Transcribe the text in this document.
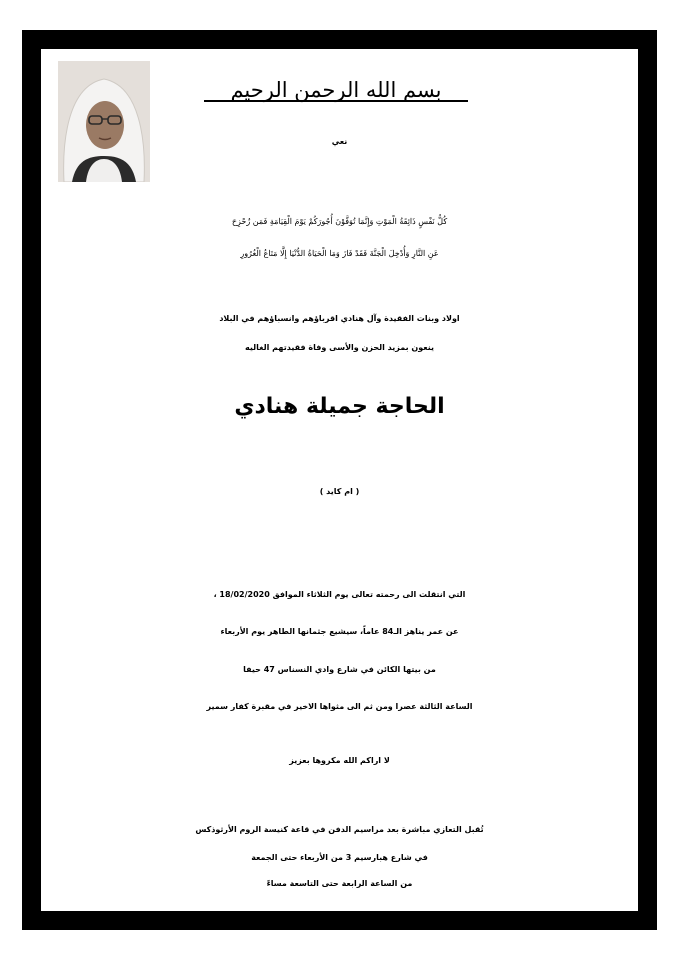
بسم الله الرحمن الرحيم
نعي
كُلُّ نَفْسٍ ذَائِقَةُ الْمَوْتِ وَإِنَّمَا تُوَفَّوْنَ أُجُورَكُمْ يَوْمَ الْقِيَامَةِ فَمَن زُحْزِحَ
عَنِ النَّارِ وَأُدْخِلَ الْجَنَّةَ فَقَدْ فَازَ وَمَا الْحَيَاةُ الدُّنْيَا إِلَّا مَتَاعُ الْغُرُورِ
اولاد وبنات الفقيدة وآل هنادي اقرباؤهم وانسباؤهم في البلاد
ينعون بمزيد الحزن والأسى وفاة فقيدتهم الغاليه
الحاجة جميلة هنادي
( ام كايد )
التي انتقلت الى رحمته تعالى يوم الثلاثاء الموافق 18/02/2020 ،
عن عمر يناهز الـ84 عاماً، سيشيع جثمانها الطاهر يوم الأربعاء
من بيتها الكائن في شارع وادي النسناس 47 حيفا
الساعة الثالثة عصرا ومن ثم الى مثواها الاخير في مقبرة كفار سمير
لا اراكم الله مكروها بعزيز
تُقبل التعازي مباشرة بعد مراسيم الدفن في قاعة كنيسة الروم الأرثوذكس
في شارع هبارسيم 3 من الأربعاء حتى الجمعة
من الساعة الرابعة حتى التاسعة مساءً
